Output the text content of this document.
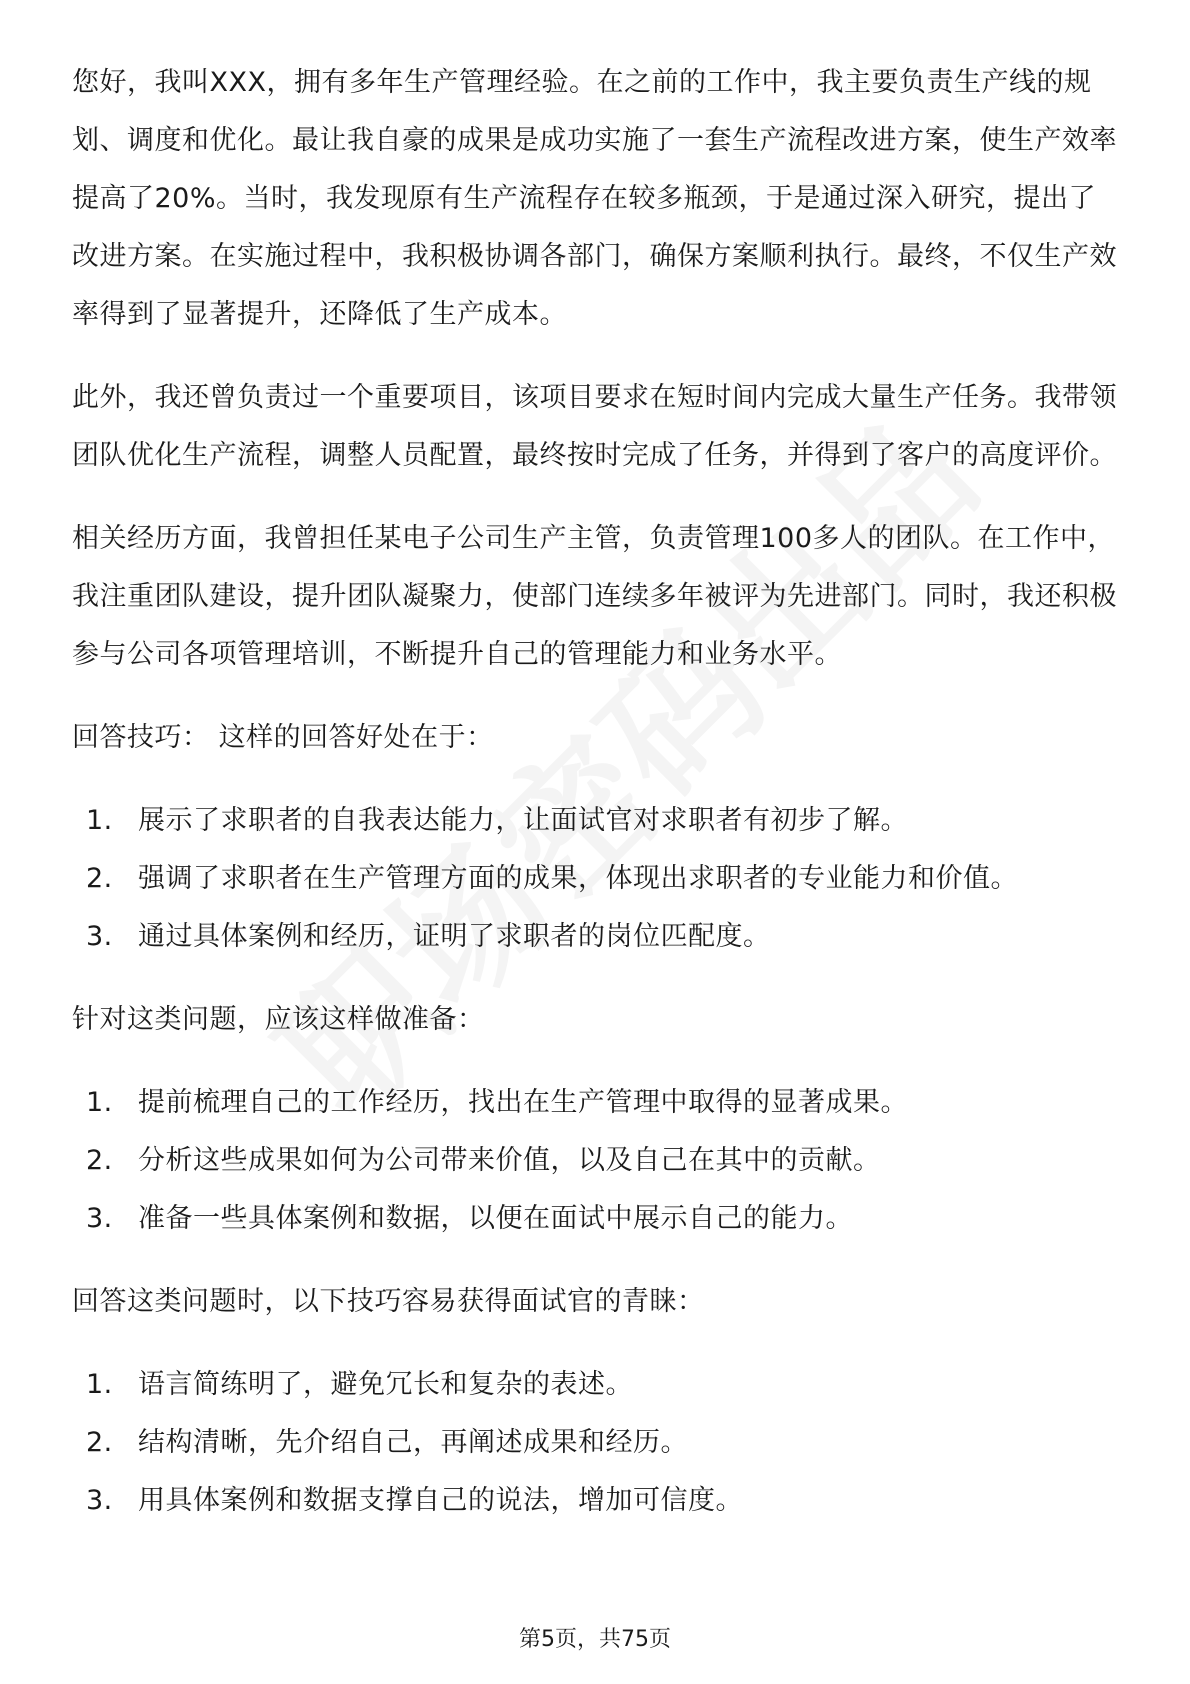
您好，我叫XXX，拥有多年生产管理经验。在之前的工作中，我主要负责生产线的规划、调度和优化。最让我自豪的成果是成功实施了一套生产流程改进方案，使生产效率提高了20%。当时，我发现原有生产流程存在较多瓶颈，于是通过深入研究，提出了改进方案。在实施过程中，我积极协调各部门，确保方案顺利执行。最终，不仅生产效率得到了显著提升，还降低了生产成本。

此外，我还曾负责过一个重要项目，该项目要求在短时间内完成大量生产任务。我带领团队优化生产流程，调整人员配置，最终按时完成了任务，并得到了客户的高度评价。

相关经历方面，我曾担任某电子公司生产主管，负责管理100多人的团队。在工作中，我注重团队建设，提升团队凝聚力，使部门连续多年被评为先进部门。同时，我还积极参与公司各项管理培训，不断提升自己的管理能力和业务水平。

回答技巧： 这样的回答好处在于：

1. 展示了求职者的自我表达能力，让面试官对求职者有初步了解。
2. 强调了求职者在生产管理方面的成果，体现出求职者的专业能力和价值。
3. 通过具体案例和经历，证明了求职者的岗位匹配度。

针对这类问题，应该这样做准备：

1. 提前梳理自己的工作经历，找出在生产管理中取得的显著成果。
2. 分析这些成果如何为公司带来价值，以及自己在其中的贡献。
3. 准备一些具体案例和数据，以便在面试中展示自己的能力。

回答这类问题时，以下技巧容易获得面试官的青睐：

1. 语言简练明了，避免冗长和复杂的表述。
2. 结构清晰，先介绍自己，再阐述成果和经历。
3. 用具体案例和数据支撑自己的说法，增加可信度。
第5页，共75页
